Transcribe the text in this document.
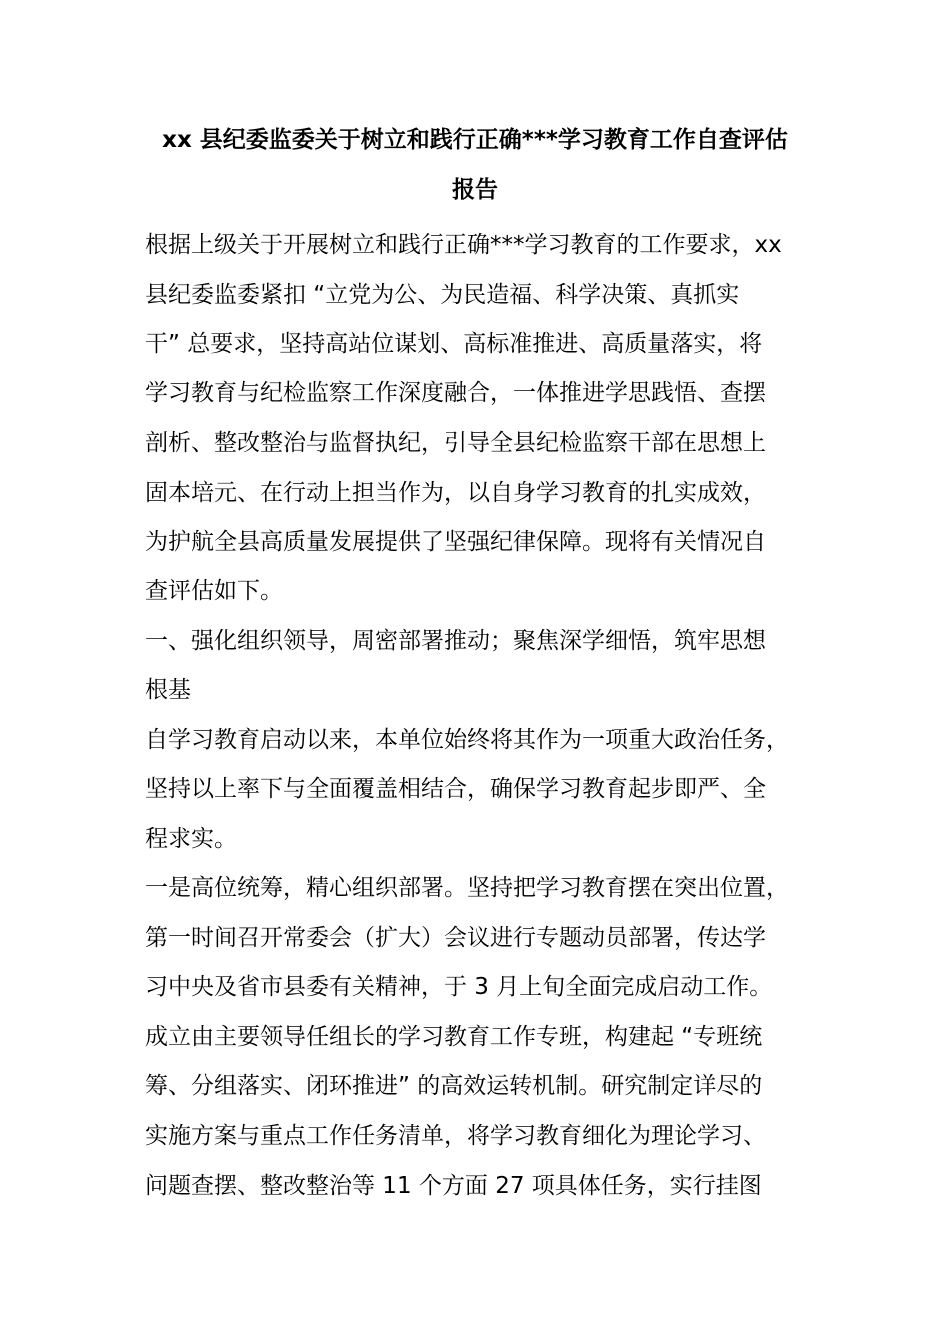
xx 县纪委监委关于树立和践行正确***学习教育工作自查评估
报告
根据上级关于开展树立和践行正确***学习教育的工作要求，xx
县纪委监委紧扣 “立党为公、为民造福、科学决策、真抓实
干” 总要求，坚持高站位谋划、高标准推进、高质量落实，将
学习教育与纪检监察工作深度融合，一体推进学思践悟、查摆
剖析、整改整治与监督执纪，引导全县纪检监察干部在思想上
固本培元、在行动上担当作为，以自身学习教育的扎实成效，
为护航全县高质量发展提供了坚强纪律保障。现将有关情况自
查评估如下。
一、强化组织领导，周密部署推动；聚焦深学细悟，筑牢思想
根基
自学习教育启动以来，本单位始终将其作为一项重大政治任务，
坚持以上率下与全面覆盖相结合，确保学习教育起步即严、全
程求实。
一是高位统筹，精心组织部署。坚持把学习教育摆在突出位置，
第一时间召开常委会（扩大）会议进行专题动员部署，传达学
习中央及省市县委有关精神，于 3 月上旬全面完成启动工作。
成立由主要领导任组长的学习教育工作专班，构建起 “专班统
筹、分组落实、闭环推进” 的高效运转机制。研究制定详尽的
实施方案与重点工作任务清单，将学习教育细化为理论学习、
问题查摆、整改整治等 11 个方面 27 项具体任务，实行挂图
